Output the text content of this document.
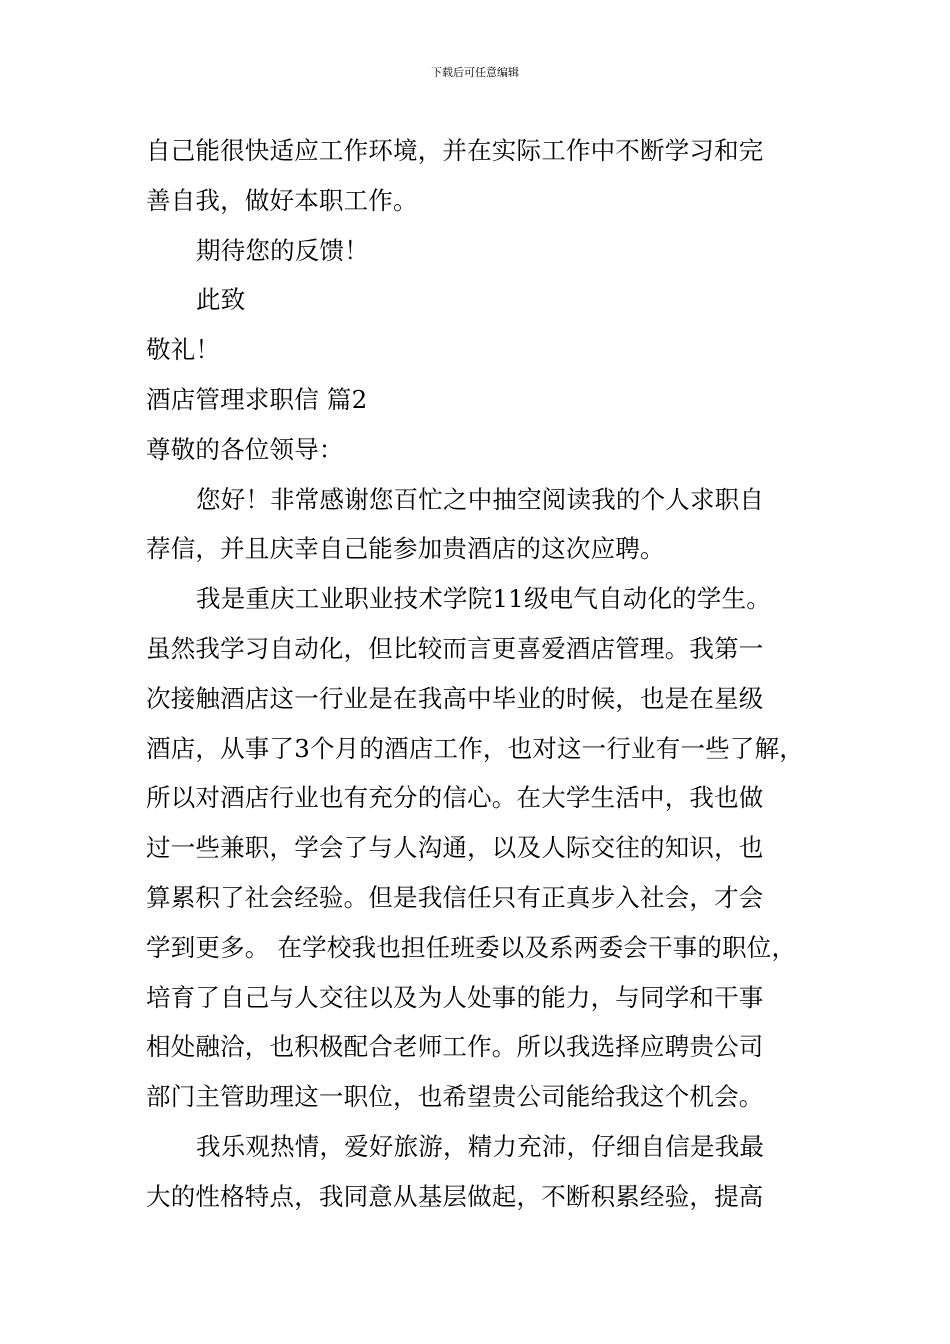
下载后可任意编辑
自己能很快适应工作环境，并在实际工作中不断学习和完
善自我，做好本职工作。
期待您的反馈！
此致
敬礼！
酒店管理求职信 篇2
尊敬的各位领导：
您好！非常感谢您百忙之中抽空阅读我的个人求职自
荐信，并且庆幸自己能参加贵酒店的这次应聘。
我是重庆工业职业技术学院11级电气自动化的学生。
虽然我学习自动化，但比较而言更喜爱酒店管理。我第一
次接触酒店这一行业是在我高中毕业的时候，也是在星级
酒店，从事了3个月的酒店工作，也对这一行业有一些了解，
所以对酒店行业也有充分的信心。在大学生活中，我也做
过一些兼职，学会了与人沟通，以及人际交往的知识，也
算累积了社会经验。但是我信任只有正真步入社会，才会
学到更多。 在学校我也担任班委以及系两委会干事的职位，
培育了自己与人交往以及为人处事的能力，与同学和干事
相处融洽，也积极配合老师工作。所以我选择应聘贵公司
部门主管助理这一职位，也希望贵公司能给我这个机会。
我乐观热情，爱好旅游，精力充沛，仔细自信是我最
大的性格特点，我同意从基层做起，不断积累经验，提高
